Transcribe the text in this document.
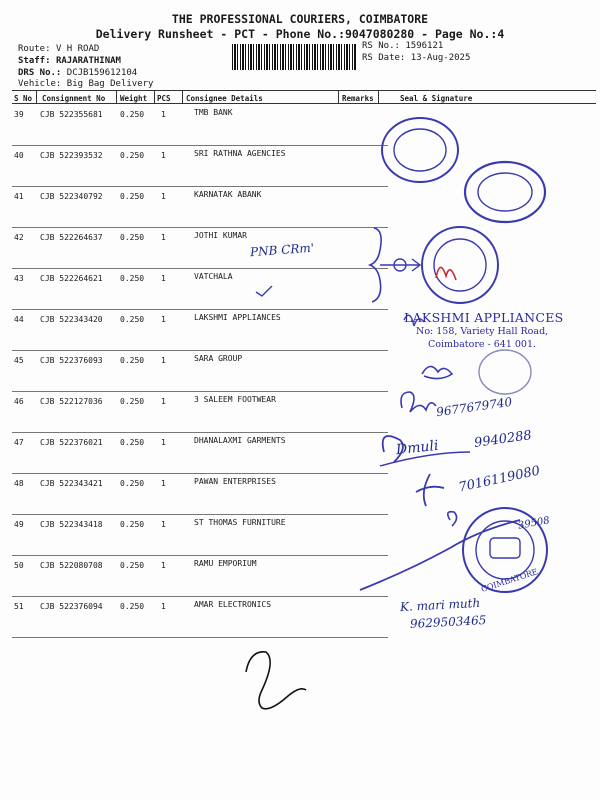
THE PROFESSIONAL COURIERS, COIMBATORE
Delivery Runsheet - PCT - Phone No.:9047080280 - Page No.:4
Route: V H ROAD
Staff: RAJARATHINAM
DRS No.: DCJB159612104
Vehicle: Big Bag Delivery
RS No.: 1596121
RS Date: 13-Aug-2025
S No Consignment No Weight PCS Consignee Details	Remarks	Seal & Signature
39 CJB 522355681 0.250 1	TMB BANK
40 CJB 522393532 0.250 1	SRI RATHNA AGENCIES
41 CJB 522340792 0.250 1	KARNATAK ABANK
42 CJB 522264637 0.250 1	JOTHI KUMAR
43 CJB 522264621 0.250 1	VATCHALA
44 CJB 522343420 0.250 1	LAKSHMI APPLIANCES
45 CJB 522376093 0.250 1	SARA GROUP
46 CJB 522127036 0.250 1	3 SALEEM FOOTWEAR
47 CJB 522376021 0.250 1	DHANALAXMI GARMENTS
48 CJB 522343421 0.250 1	PAWAN ENTERPRISES
49 CJB 522343418 0.250 1	ST THOMAS FURNITURE
50 CJB 522080708 0.250 1	RAMU EMPORIUM
51 CJB 522376094 0.250 1	AMAR ELECTRONICS
PNB CRm'
LAKSHMI APPLIANCES
No: 158, Variety Hall Road,
Coimbatore - 641 001.
9677679740
Dmuli	9940288
7016119080
39508
COIMBATORE
K. mari muth
9629503465
